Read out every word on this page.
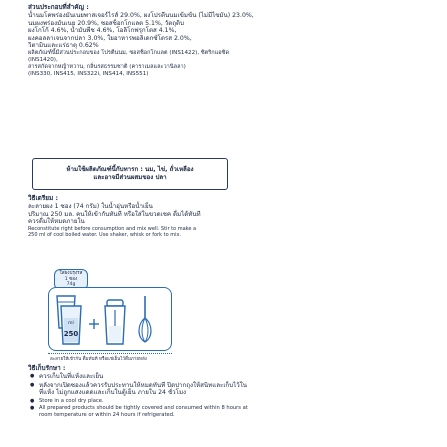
ส่วนประกอบที่สำคัญ :
น้ำนมโคพร่องมันเนยพาสเจอร์ไรส์ 29.0%, ผงโปรตีนนมเข้มข้น (ไม่มีไขมัน) 23.0%,
นมผงพร่องมันเนย 20.9%, ซอสช็อกโกแลต 5.1%, วัตถุดิบ
ผงโกโก้ 4.6%, น้ำมันพืช 4.6%, โอลิโกฟรุกโตส 4.1%,
ผงคอลลาเจนจากปลา 3.0%, ใยอาหารพอลิเดกซ์โตรส 2.0%,
วิตามินและแร่ธาตุ 0.62%
ผลิตภัณฑ์นี้มีส่วนประกอบของ โปรตีนนม, ซอสช็อกโกแลต (INS1422), ซิตริกแอซิด (INS1420),
สารสกัดจากหญ้าหวาน, กลิ่นรสธรรมชาติ (คาราเมลและวานิลลา)
(INS330, INS415, INS322i, INS414, INS551)
ห้ามใช้ผลิตภัณฑ์นี้กับทารก : นม, ไข่, ถั่วเหลือง
และอาจมีส่วนผสมของ ปลา
วิธีเตรียม :
ละลายผง 1 ซอง (74 กรัม) ในน้ำอุ่นหรือน้ำเย็น
ปริมาณ 250 มล. คนให้เข้ากันทันที หรือใส่ในขวดเชค ดื่มได้ทันที
ควรดื่มให้หมดภายใน
Reconstitute right before consumption and mix well. Stir to make a
250 ml of cool boiled water. Use shaker, whisk or fork to mix.
ใส่ผงปรุงรส
1 ซอง
74g
ml
250
ละลายให้เข้ากัน ดื่มทันที หรือแช่เย็นไว้ดื่มภายหลัง
วิธีเก็บรักษา :
● ควรเก็บในที่แห้งและเย็น
● หลังจากเปิดซองแล้วควรรับประทานให้หมดทันที ปิดปากถุงให้สนิทและเก็บไว้ในที่แห้ง ไม่ถูกแสงแดดและเก็บในตู้เย็น ภายใน 24 ชั่วโมง
● Store in a cool dry place.
● All prepared products should be tightly covered and consumed within 8 hours at room temperature or within 24 hours if refrigerated.
